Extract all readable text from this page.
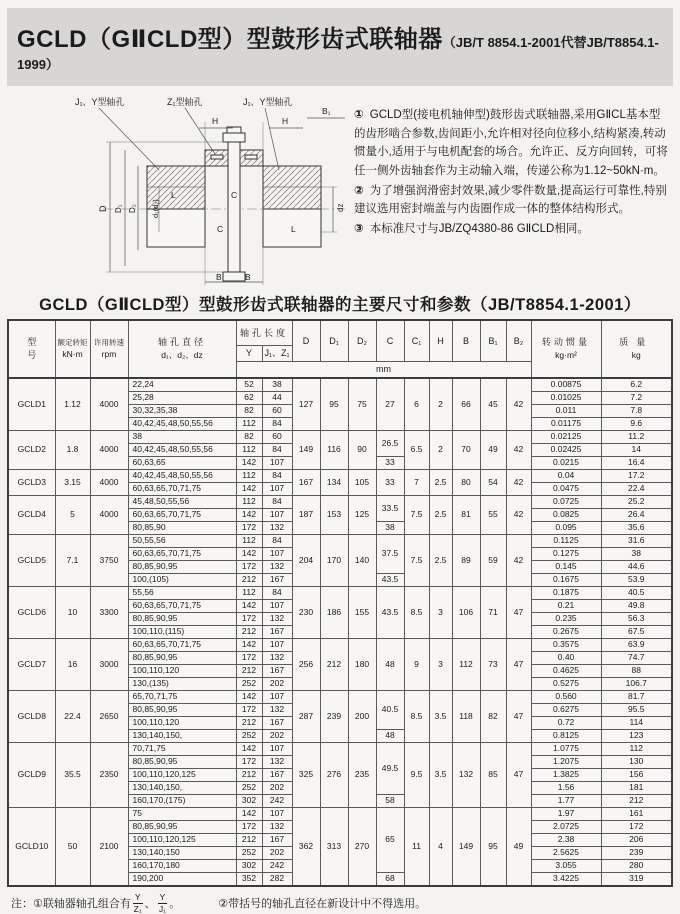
GCLD（GⅡCLD型）型鼓形齿式联轴器（JB/T 8854.1-2001代替JB/T8854.1-1999）
J₁、Y型轴孔	Z₁型轴孔	J₁、Y型轴孔
D D₁ D₂ d₁(d₂)	dz
H	H
B₁
L	C
C	L
B	B
① GCLD型(接电机轴伸型)鼓形齿式联轴器,采用GⅡCL基本型的齿形啮合参数,齿间距小,允许相对径向位移小,结构紧凑,转动惯量小,适用于与电机配套的场合。允许正、反方向回转，可将任一侧外齿轴套作为主动输入端，传递公称为1.12~50kN·m。
② 为了增强润滑密封效果,减少零件数量,提高运行可靠性,特别建议选用密封端盖与内齿圈作成一体的整体结构形式。
③ 本标准尺寸与JB/ZQ4380-86 GⅡCLD相同。
GCLD（GⅡCLD型）型鼓形齿式联轴器的主要尺寸和参数（JB/T8854.1-2001）
型
号

额定转矩
kN·m

许用转速
rpm

轴孔直径
d₁、d₂、dz
	轴孔长度	D	D₁	D₂	C	C₁	H	B	B₁	B₂	转动惯量
kg·m²

质量
kg

				Y	J₁、Z₁											
				mm												
GCLD1	1.12	4000	22,24	52	38	127	95	75	27	6	2	66	45	42	0.00875	6.2
			25,28	62	44										0.01025	7.2
			30,32,35,38	82	60										0.011	7.8
			40,42,45,48,50,55,56	112	84										0.01175	9.6
GCLD2	1.8	4000	38	82	60	149	116	90	26.5	6.5	2	70	49	42	0.02125	11.2
			40,42,45,48,50,55,56	112	84										0.02425	14
			60,63,65	142	107				33						0.0215	16.4
GCLD3	3.15	4000	40,42,45,48,50,55,56	112	84	167	134	105	33	7	2.5	80	54	42	0.04	17.2
			60,63,65,70,71,75	142	107										0.0475	22.4
GCLD4	5	4000	45,48,50,55,56	112	84	187	153	125	33.5	7.5	2.5	81	55	42	0.0725	25.2
			60,63,65,70,71,75	142	107										0.0825	26.4
			80,85,90	172	132				38						0.095	35.6
GCLD5	7.1	3750	50,55,56	112	84	204	170	140	37.5	7.5	2.5	89	59	42	0.1125	31.6
			60,63,65,70,71,75	142	107										0.1275	38
			80,85,90,95	172	132										0.145	44.6
			100,(105)	212	167				43.5						0.1675	53.9
GCLD6	10	3300	55,56	112	84	230	186	155	43.5	8.5	3	106	71	47	0.1875	40.5
			60,63,65,70,71,75	142	107										0.21	49.8
			80,85,90,95	172	132										0.235	56.3
			100,110,(115)	212	167										0.2675	67.5
GCLD7	16	3000	60,63,65,70,71,75	142	107	256	212	180	48	9	3	112	73	47	0.3575	63.9
			80,85,90,95	172	132										0.40	74.7
			100,110,120	212	167										0.4625	88
			130,(135)	252	202										0.5275	106.7
GCLD8	22.4	2650	65,70,71,75	142	107	287	239	200	40.5	8.5	3.5	118	82	47	0.560	81.7
			80,85,90,95	172	132										0.6275	95.5
			100,110,120	212	167										0.72	114
			130,140,150,	252	202				48						0.8125	123
GCLD9	35.5	2350	70,71,75	142	107	325	276	235	49.5	9.5	3.5	132	85	47	1.0775	112
			80,85,90,95	172	132										1.2075	130
			100,110,120,125	212	167										1.3825	156
			130,140,150,	252	202										1.56	181
			160,170,(175)	302	242				58						1.77	212
GCLD10	50	2100	75	142	107	362	313	270	65	11	4	149	95	49	1.97	161
			80,85,90,95	172	132										2.0725	172
			100,110,120,125	212	167										2.38	206
			130,140,150	252	202										2.5625	239
			160,170,180	302	242										3.055	280
			190,200	352	282				68						3.4225	319
注：①联轴器轴孔组合有 $\frac{Y}{\text{Z₁}}$ 、 $\frac{Y}{\text{J₁}}$ 。	②带括号的轴孔直径在新设计中不得选用。
